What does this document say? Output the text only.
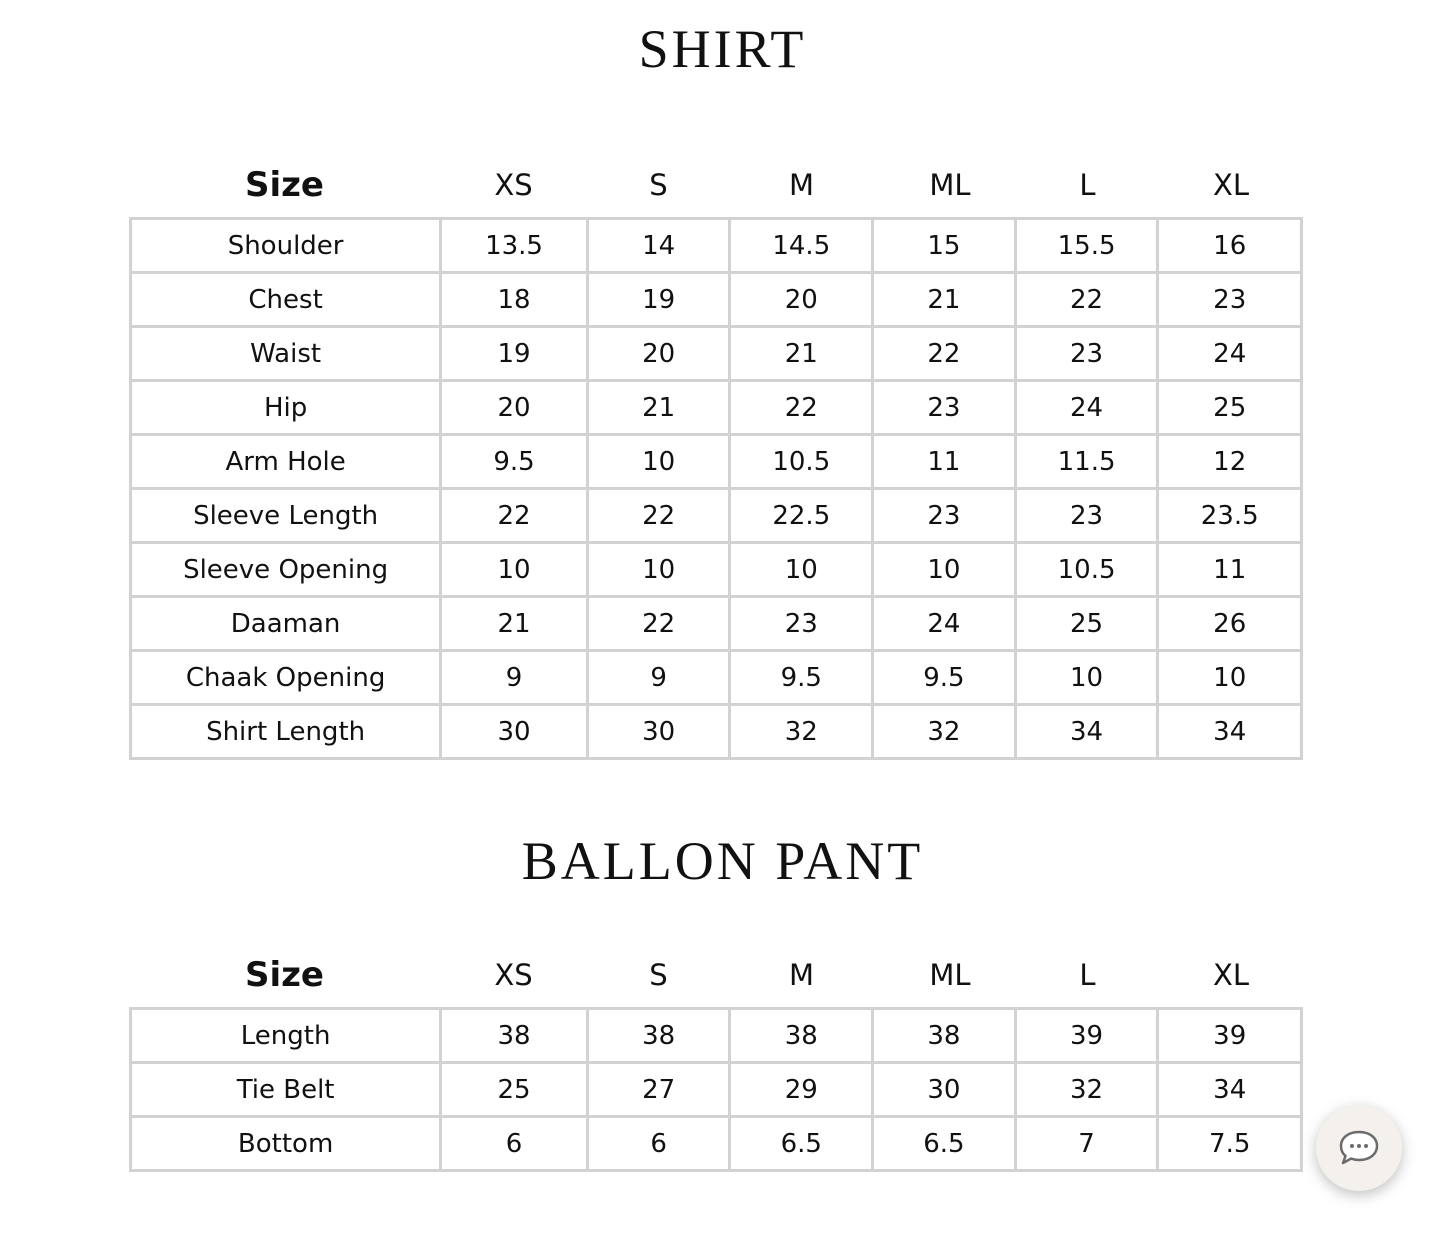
SHIRT
Size	XS	S	M	ML	L	XL
Shoulder	13.5	14	14.5	15	15.5	16
Chest	18	19	20	21	22	23
Waist	19	20	21	22	23	24
Hip	20	21	22	23	24	25
Arm Hole	9.5	10	10.5	11	11.5	12
Sleeve Length	22	22	22.5	23	23	23.5
Sleeve Opening	10	10	10	10	10.5	11
Daaman	21	22	23	24	25	26
Chaak Opening	9	9	9.5	9.5	10	10
Shirt Length	30	30	32	32	34	34
BALLON PANT
Size	XS	S	M	ML	L	XL
Length	38	38	38	38	39	39
Tie Belt	25	27	29	30	32	34
Bottom	6	6	6.5	6.5	7	7.5
